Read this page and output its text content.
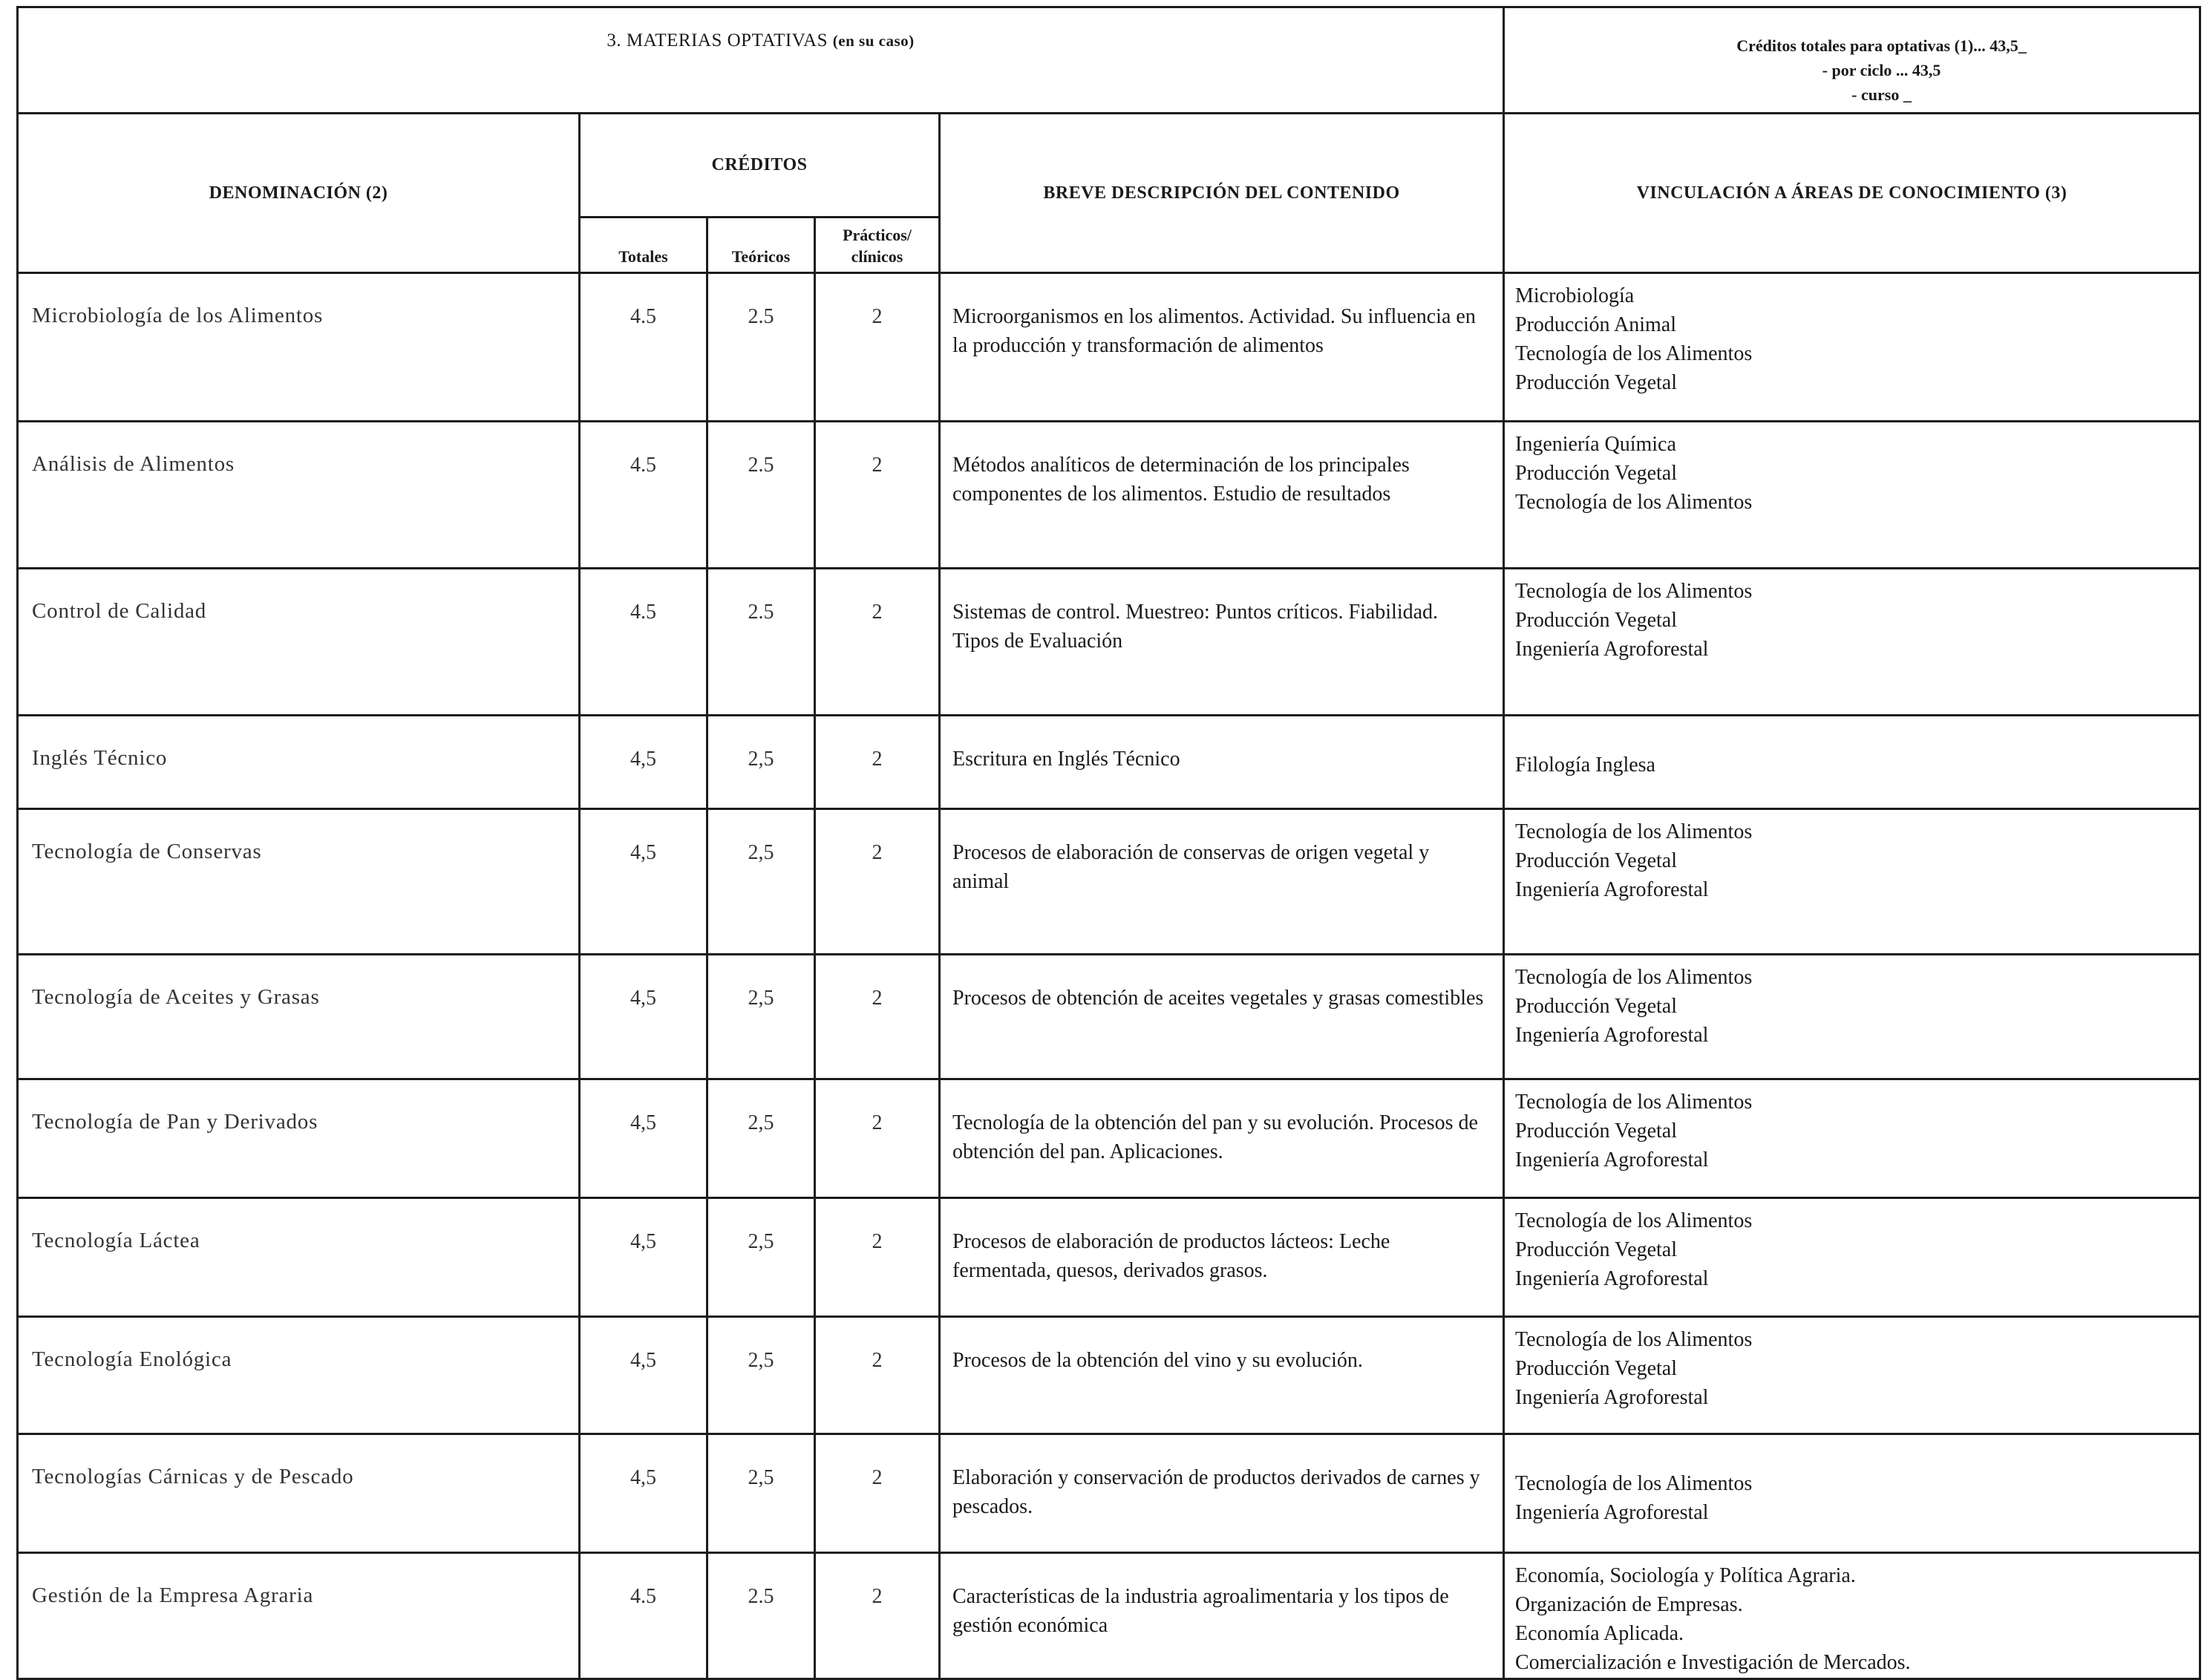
3. MATERIAS OPTATIVAS (en su caso)					Créditos totales para optativas (1)... 43,5_
- por ciclo ... 43,5
- curso _

DENOMINACIÓN (2)	CRÉDITOS			BREVE DESCRIPCIÓN DEL CONTENIDO	VINCULACIÓN A ÁREAS DE CONOCIMIENTO (3)
	Totales	Teóricos	Prácticos/ clínicos		
Microbiología de los Alimentos	4.5	2.5	2	Microorganismos en los alimentos. Actividad. Su influencia en la producción y transformación de alimentos	Microbiología
Producción Animal
Tecnología de los Alimentos
Producción Vegetal

Análisis de Alimentos	4.5	2.5	2	Métodos analíticos de determinación de los principales componentes de los alimentos. Estudio de resultados	Ingeniería Química
Producción Vegetal
Tecnología de los Alimentos

Control de Calidad	4.5	2.5	2	Sistemas de control. Muestreo: Puntos críticos. Fiabilidad. Tipos de Evaluación	Tecnología de los Alimentos
Producción Vegetal
Ingeniería Agroforestal

Inglés Técnico	4,5	2,5	2	Escritura en Inglés Técnico	Filología Inglesa

Tecnología de Conservas	4,5	2,5	2	Procesos de elaboración de conservas de origen vegetal y animal	Tecnología de los Alimentos
Producción Vegetal
Ingeniería Agroforestal

Tecnología de Aceites y Grasas	4,5	2,5	2	Procesos de obtención de aceites vegetales y grasas comestibles	Tecnología de los Alimentos
Producción Vegetal
Ingeniería Agroforestal

Tecnología de Pan y Derivados	4,5	2,5	2	Tecnología de la obtención del pan y su evolución. Procesos de obtención del pan. Aplicaciones.	Tecnología de los Alimentos
Producción Vegetal
Ingeniería Agroforestal

Tecnología Láctea	4,5	2,5	2	Procesos de elaboración de productos lácteos: Leche fermentada, quesos, derivados grasos.	Tecnología de los Alimentos
Producción Vegetal
Ingeniería Agroforestal

Tecnología Enológica	4,5	2,5	2	Procesos de la obtención del vino y su evolución.	Tecnología de los Alimentos
Producción Vegetal
Ingeniería Agroforestal

Tecnologías Cárnicas y de Pescado	4,5	2,5	2	Elaboración y conservación de productos derivados de carnes y pescados.	Tecnología de los Alimentos
Ingeniería Agroforestal

Gestión de la Empresa Agraria	4.5	2.5	2	Características de la industria agroalimentaria y los tipos de gestión económica	Economía, Sociología y Política Agraria.
Organización de Empresas.
Economía Aplicada.
Comercialización e Investigación de Mercados.
